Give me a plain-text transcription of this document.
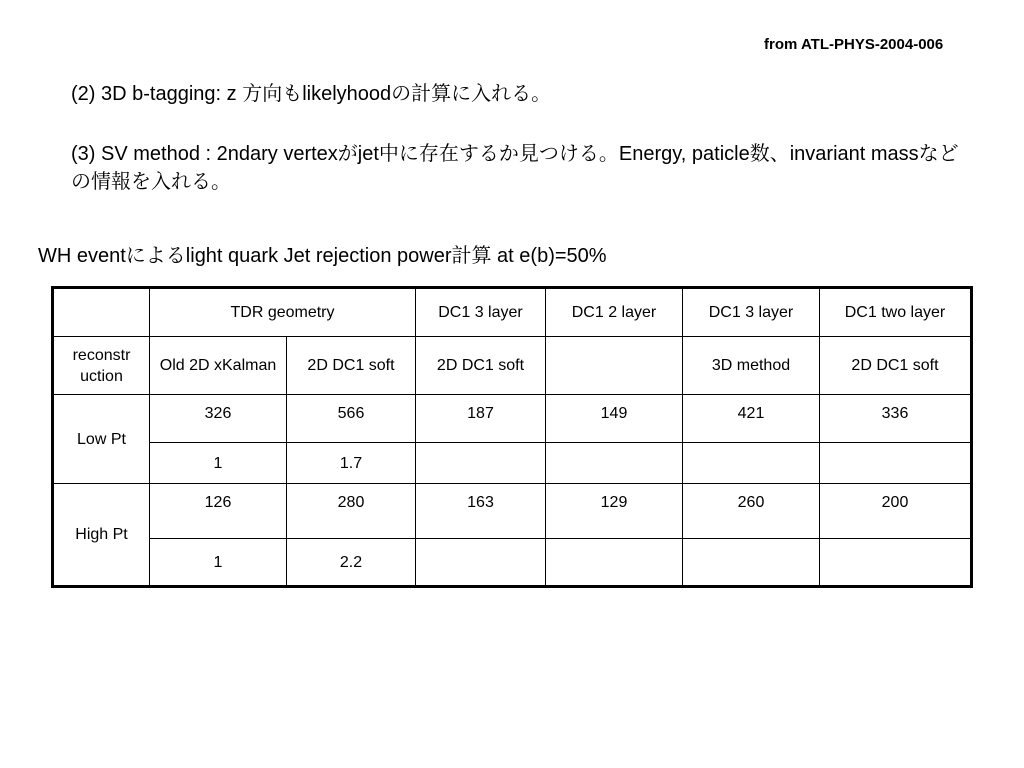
from ATL-PHYS-2004-006

(2) 3D b-tagging: z 方向もlikelyhoodの計算に入れる。

(3) SV method : 2ndary vertexがjet中に存在するか見つける。Energy, paticle数、invariant massなどの情報を入れる。

WH eventによるlight quark Jet rejection power計算 at e(b)=50%
	TDR geometry		DC1 3 layer	DC1 2 layer	DC1 3 layer	DC1 two layer
reconstr uction	Old 2D xKalman	2D DC1 soft	2D DC1 soft		3D method	2D DC1 soft
Low Pt	326	566	187	149	421	336
	1	1.7				
High Pt	126	280	163	129	260	200
	1	2.2				
